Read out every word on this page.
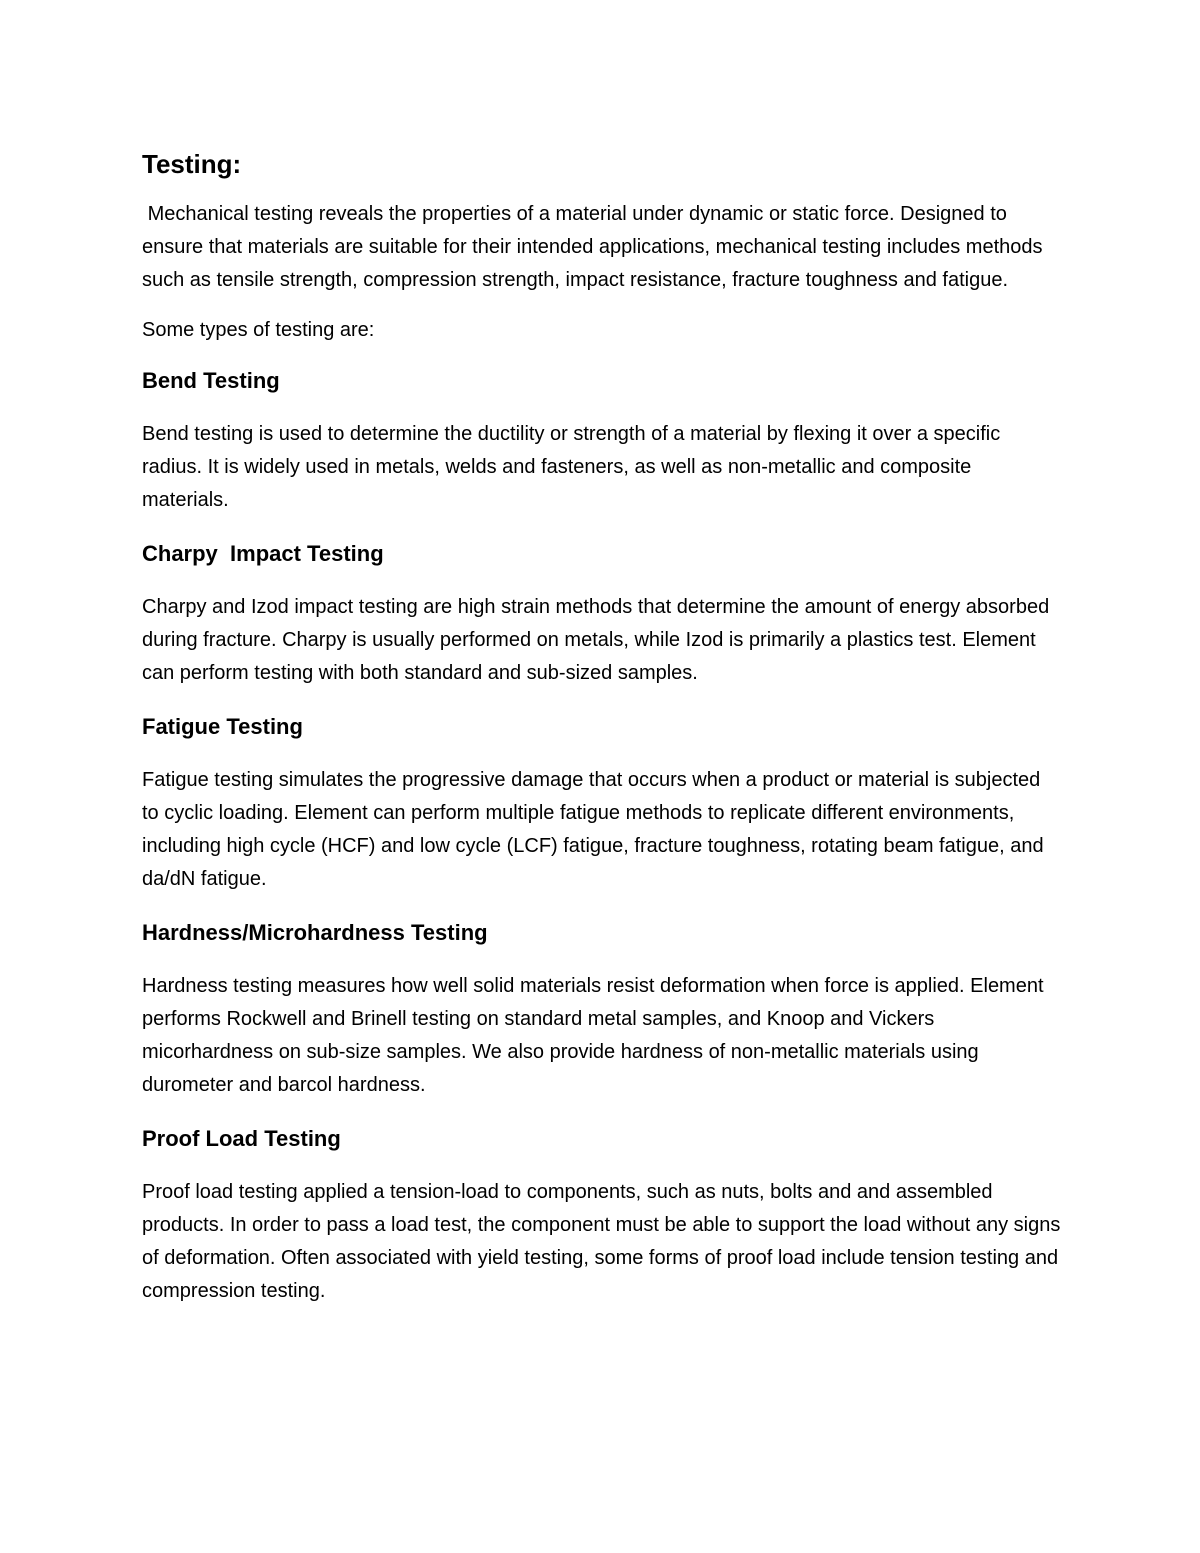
Testing:

Mechanical testing reveals the properties of a material under dynamic or static force. Designed to ensure that materials are suitable for their intended applications, mechanical testing includes methods such as tensile strength, compression strength, impact resistance, fracture toughness and fatigue.

Some types of testing are:

Bend Testing

Bend testing is used to determine the ductility or strength of a material by flexing it over a specific radius. It is widely used in metals, welds and fasteners, as well as non-metallic and composite materials.

Charpy  Impact Testing

Charpy and Izod impact testing are high strain methods that determine the amount of energy absorbed during fracture. Charpy is usually performed on metals, while Izod is primarily a plastics test. Element can perform testing with both standard and sub-sized samples.

Fatigue Testing

Fatigue testing simulates the progressive damage that occurs when a product or material is subjected to cyclic loading. Element can perform multiple fatigue methods to replicate different environments, including high cycle (HCF) and low cycle (LCF) fatigue, fracture toughness, rotating beam fatigue, and da/dN fatigue.

Hardness/Microhardness Testing

Hardness testing measures how well solid materials resist deformation when force is applied. Element performs Rockwell and Brinell testing on standard metal samples, and Knoop and Vickers micorhardness on sub-size samples. We also provide hardness of non-metallic materials using durometer and barcol hardness.

Proof Load Testing

Proof load testing applied a tension-load to components, such as nuts, bolts and and assembled products. In order to pass a load test, the component must be able to support the load without any signs of deformation. Often associated with yield testing, some forms of proof load include tension testing and compression testing.
